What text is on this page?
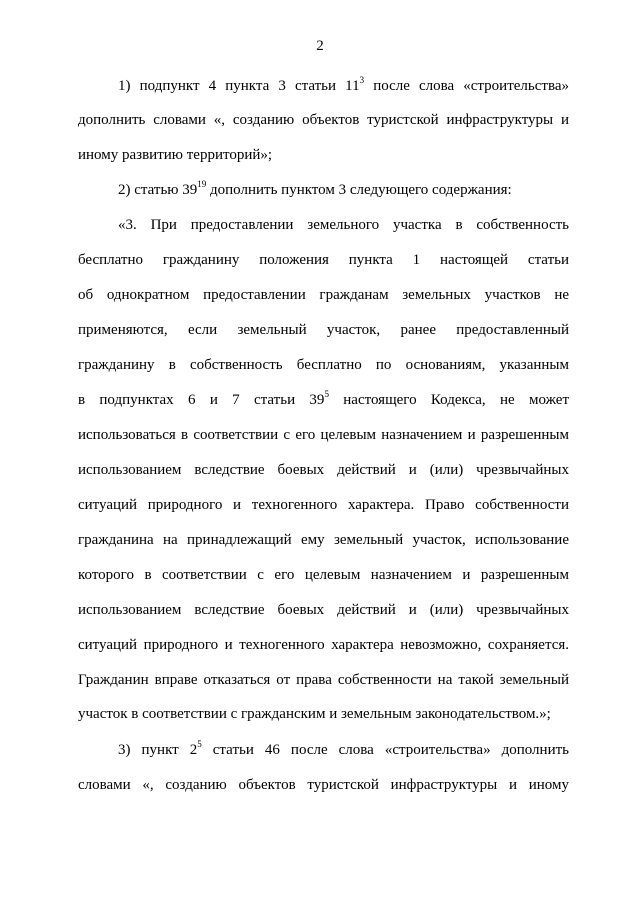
2
1) подпункт 4 пункта 3 статьи $11^3$ после слова «строительства»
дополнить словами «, созданию объектов туристской инфраструктуры и
иному развитию территорий»;
2) статью $39^{19}$ дополнить пунктом 3 следующего содержания:
«3. При предоставлении земельного участка в собственность
бесплатно гражданину положения пункта 1 настоящей статьи
об однократном предоставлении гражданам земельных участков не
применяются, если земельный участок, ранее предоставленный
гражданину в собственность бесплатно по основаниям, указанным
в подпунктах 6 и 7 статьи $39^5$ настоящего Кодекса, не может
использоваться в соответствии с его целевым назначением и разрешенным
использованием вследствие боевых действий и (или) чрезвычайных
ситуаций природного и техногенного характера. Право собственности
гражданина на принадлежащий ему земельный участок, использование
которого в соответствии с его целевым назначением и разрешенным
использованием вследствие боевых действий и (или) чрезвычайных
ситуаций природного и техногенного характера невозможно, сохраняется.
Гражданин вправе отказаться от права собственности на такой земельный
участок в соответствии с гражданским и земельным законодательством.»;
3) пункт $2^5$ статьи 46 после слова «строительства» дополнить
словами «, созданию объектов туристской инфраструктуры и иному
